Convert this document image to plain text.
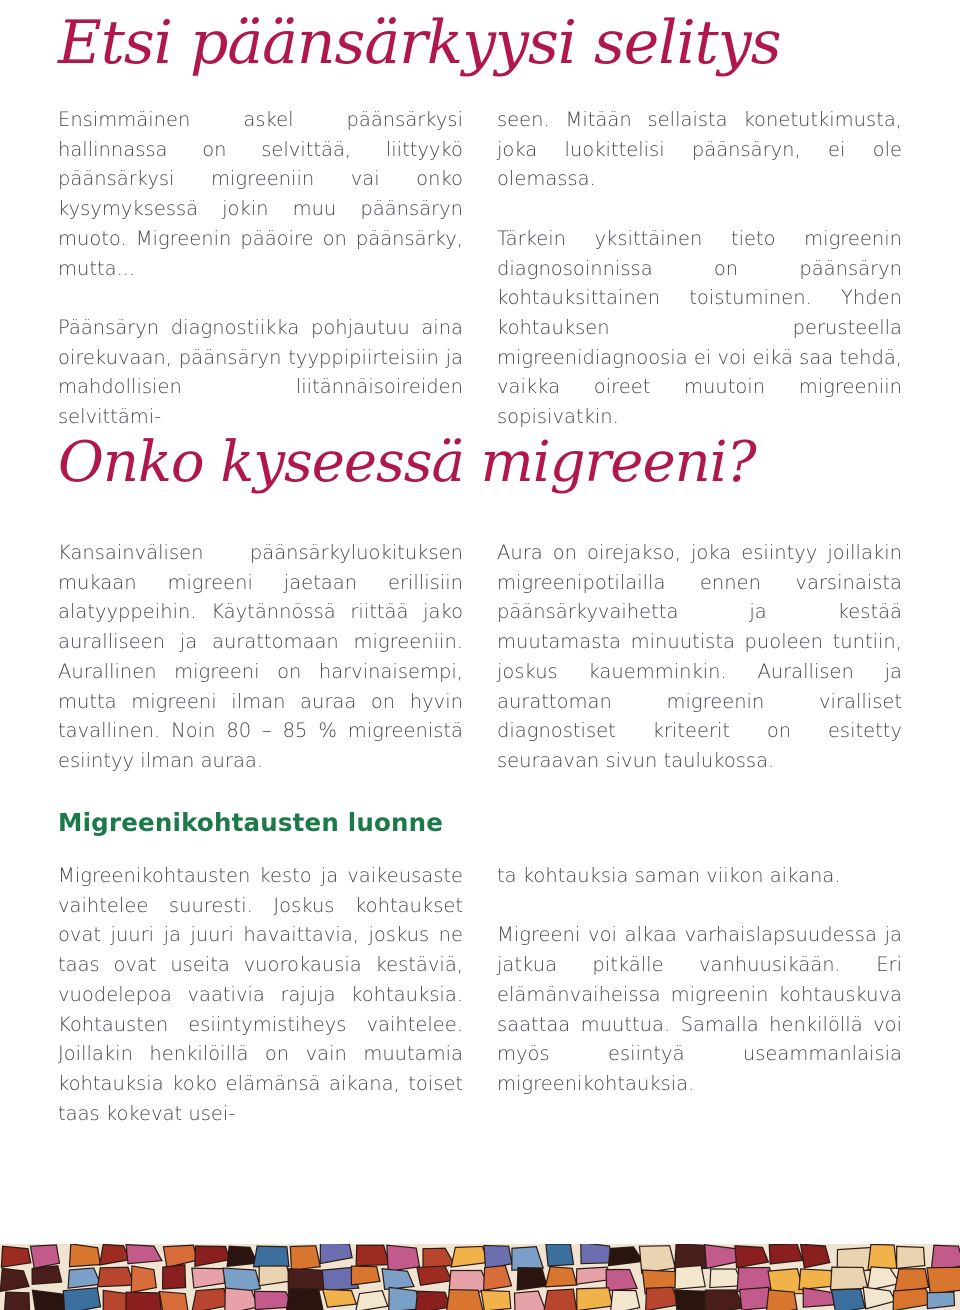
Etsi päänsärkyysi selitys

Ensimmäinen askel päänsärkysi hallinnassa on selvittää, liittyykö päänsärkysi migreeniin vai onko kysymyksessä jokin muu päänsäryn muoto. Migreenin pääoire on päänsärky, mutta...

Päänsäryn diagnostiikka pohjautuu aina oirekuvaan, päänsäryn tyyppipiirteisiin ja mahdollisien liitännäisoireiden selvittämi-

seen. Mitään sellaista konetutkimusta, joka luokittelisi päänsäryn, ei ole olemassa.

Tärkein yksittäinen tieto migreenin diagnosoinnissa on päänsäryn kohtauksittainen toistuminen. Yhden kohtauksen perusteella migreenidiagnoosia ei voi eikä saa tehdä, vaikka oireet muutoin migreeniin sopisivatkin.

Onko kyseessä migreeni?

Kansainvälisen päänsärkyluokituksen mukaan migreeni jaetaan erillisiin alatyyppeihin. Käytännössä riittää jako auralliseen ja aurattomaan migreeniin. Aurallinen migreeni on harvinaisempi, mutta migreeni ilman auraa on hyvin tavallinen. Noin 80 – 85 % migreenistä esiintyy ilman auraa.

Aura on oirejakso, joka esiintyy joillakin migreenipotilailla ennen varsinaista päänsärkyvaihetta ja kestää muutamasta minuutista puoleen tuntiin, joskus kauemminkin. Aurallisen ja aurattoman migreenin viralliset diagnostiset kriteerit on esitetty seuraavan sivun taulukossa.

Migreenikohtausten luonne

Migreenikohtausten kesto ja vaikeusaste vaihtelee suuresti. Joskus kohtaukset ovat juuri ja juuri havaittavia, joskus ne taas ovat useita vuorokausia kestäviä, vuodelepoa vaativia rajuja kohtauksia. Kohtausten esiintymistiheys vaihtelee. Joillakin henkilöillä on vain muutamia kohtauksia koko elämänsä aikana, toiset taas kokevat usei-

ta kohtauksia saman viikon aikana.

Migreeni voi alkaa varhaislapsuudessa ja jatkua pitkälle vanhuusikään. Eri elämänvaiheissa migreenin kohtauskuva saattaa muuttua. Samalla henkilöllä voi myös esiintyä useammanlaisia migreenikohtauksia.
